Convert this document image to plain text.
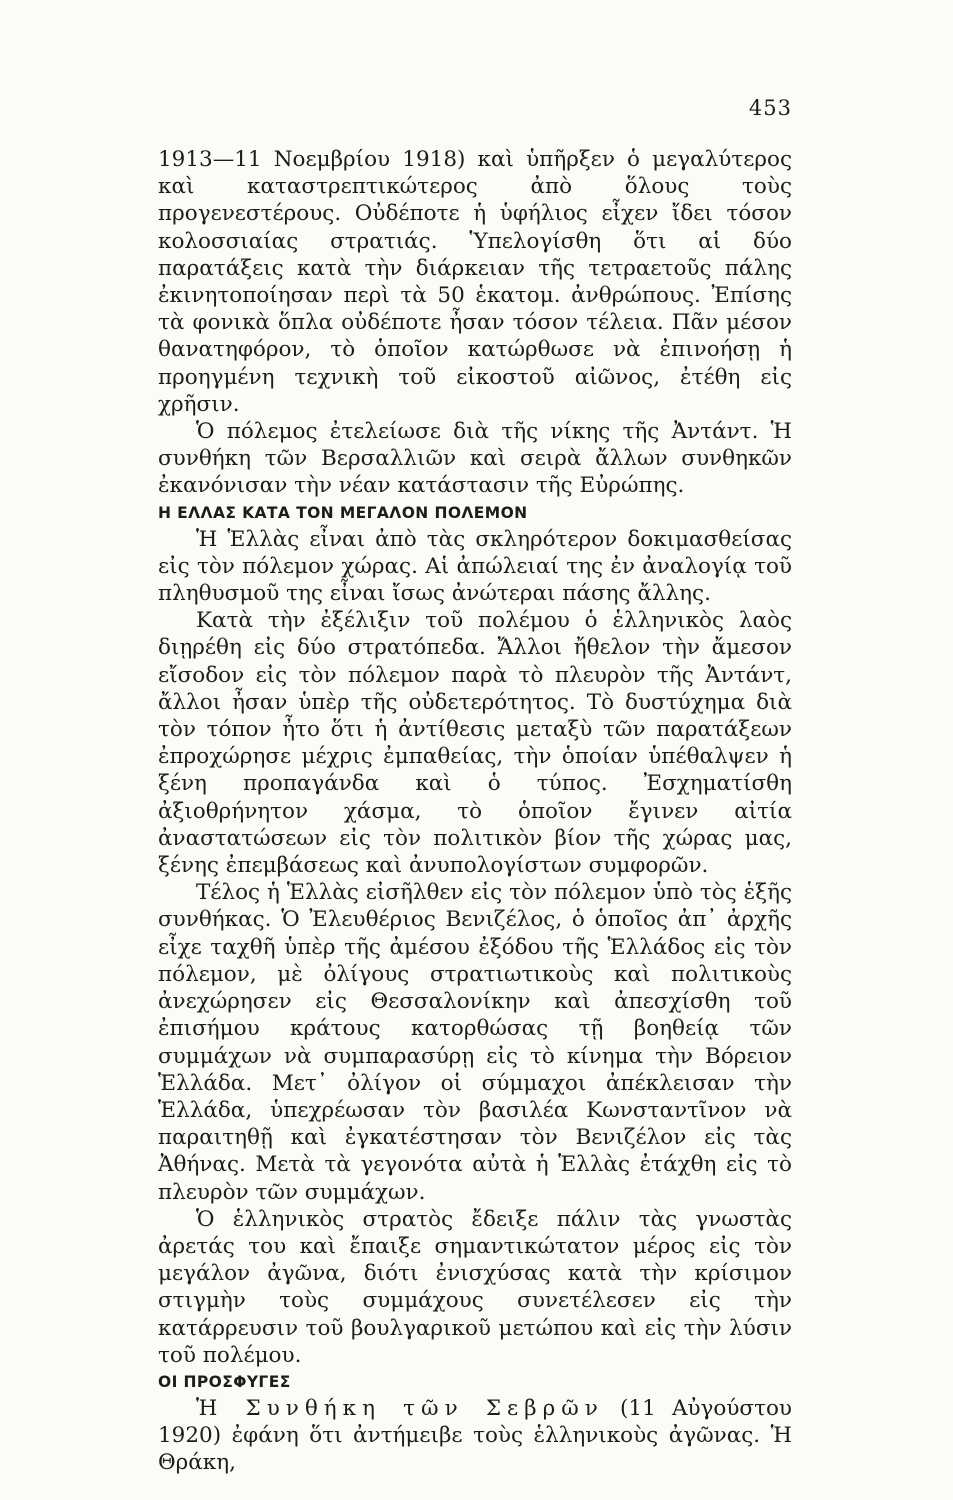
453

1913—11 Νοεμβρίου 1918) καὶ ὑπῆρξεν ὁ μεγαλύτερος καὶ καταστρεπτικώτερος ἀπὸ ὅλους τοὺς προγενεστέρους. Οὐδέποτε ἡ ὑφήλιος εἶχεν ἴδει τόσον κολοσσιαίας στρατιάς. Ὑπελογίσθη ὅτι αἱ δύο παρατάξεις κατὰ τὴν διάρκειαν τῆς τετραετοῦς πάλης ἐκινητοποίησαν περὶ τὰ 50 ἑκατομ. ἀνθρώπους. Ἐπίσης τὰ φονικὰ ὅπλα οὐδέποτε ἦσαν τόσον τέλεια. Πᾶν μέσον θανατηφόρον, τὸ ὁποῖον κατώρθωσε νὰ ἐπινοήσῃ ἡ προηγμένη τεχνικὴ τοῦ εἰκοστοῦ αἰῶνος, ἐτέθη εἰς χρῆσιν.

Ὁ πόλεμος ἐτελείωσε διὰ τῆς νίκης τῆς Ἀντάντ. Ἡ συνθήκη τῶν Βερσαλλιῶν καὶ σειρὰ ἄλλων συνθηκῶν ἐκανόνισαν τὴν νέαν κατάστασιν τῆς Εὐρώπης.

Η ΕΛΛΑΣ ΚΑΤΑ ΤΟΝ ΜΕΓΑΛΟΝ ΠΟΛΕΜΟΝ

Ἡ Ἑλλὰς εἶναι ἀπὸ τὰς σκληρότερον δοκιμασθείσας εἰς τὸν πόλεμον χώρας. Αἱ ἀπώλειαί της ἐν ἀναλογίᾳ τοῦ πληθυσμοῦ της εἶναι ἴσως ἀνώτεραι πάσης ἄλλης.

Κατὰ τὴν ἐξέλιξιν τοῦ πολέμου ὁ ἑλληνικὸς λαὸς διῃρέθη εἰς δύο στρατόπεδα. Ἄλλοι ἤθελον τὴν ἄμεσον εἴσοδον εἰς τὸν πόλεμον παρὰ τὸ πλευρὸν τῆς Ἀντάντ, ἄλλοι ἦσαν ὑπὲρ τῆς οὐδετερότητος. Τὸ δυστύχημα διὰ τὸν τόπον ἦτο ὅτι ἡ ἀντίθεσις μεταξὺ τῶν παρατάξεων ἐπροχώρησε μέχρις ἐμπαθείας, τὴν ὁποίαν ὑπέθαλψεν ἡ ξένη προπαγάνδα καὶ ὁ τύπος. Ἐσχηματίσθη ἀξιοθρήνητον χάσμα, τὸ ὁποῖον ἔγινεν αἰτία ἀναστατώσεων εἰς τὸν πολιτικὸν βίον τῆς χώρας μας, ξένης ἐπεμβάσεως καὶ ἀνυπολογίστων συμφορῶν.

Τέλος ἡ Ἑλλὰς εἰσῆλθεν εἰς τὸν πόλεμον ὑπὸ τὸς ἑξῆς συνθήκας. Ὁ Ἐλευθέριος Βενιζέλος, ὁ ὁποῖος ἀπ᾽ ἀρχῆς εἶχε ταχθῆ ὑπὲρ τῆς ἀμέσου ἐξόδου τῆς Ἑλλάδος εἰς τὸν πόλεμον, μὲ ὀλίγους στρατιωτικοὺς καὶ πολιτικοὺς ἀνεχώρησεν εἰς Θεσσαλονίκην καὶ ἀπεσχίσθη τοῦ ἐπισήμου κράτους κατορθώσας τῇ βοηθείᾳ τῶν συμμάχων νὰ συμπαρασύρῃ εἰς τὸ κίνημα τὴν Βόρειον Ἑλλάδα. Μετ᾽ ὀλίγον οἱ σύμμαχοι ἀπέκλεισαν τὴν Ἑλλάδα, ὑπεχρέωσαν τὸν βασιλέα Κωνσταντῖνον νὰ παραιτηθῇ καὶ ἐγκατέστησαν τὸν Βενιζέλον εἰς τὰς Ἀθήνας. Μετὰ τὰ γεγονότα αὐτὰ ἡ Ἑλλὰς ἐτάχθη εἰς τὸ πλευρὸν τῶν συμμάχων.

Ὁ ἑλληνικὸς στρατὸς ἔδειξε πάλιν τὰς γνωστὰς ἀρετάς του καὶ ἔπαιξε σημαντικώτατον μέρος εἰς τὸν μεγάλον ἀγῶνα, διότι ἐνισχύσας κατὰ τὴν κρίσιμον στιγμὴν τοὺς συμμάχους συνετέλεσεν εἰς τὴν κατάρρευσιν τοῦ βουλγαρικοῦ μετώπου καὶ εἰς τὴν λύσιν τοῦ πολέμου.

ΟΙ ΠΡΟΣΦΥΓΕΣ

Ἡ Συνθήκη τῶν Σεβρῶν (11 Αὐγούστου 1920) ἐφάνη ὅτι ἀντήμειβε τοὺς ἑλληνικοὺς ἀγῶνας. Ἡ Θράκη,
